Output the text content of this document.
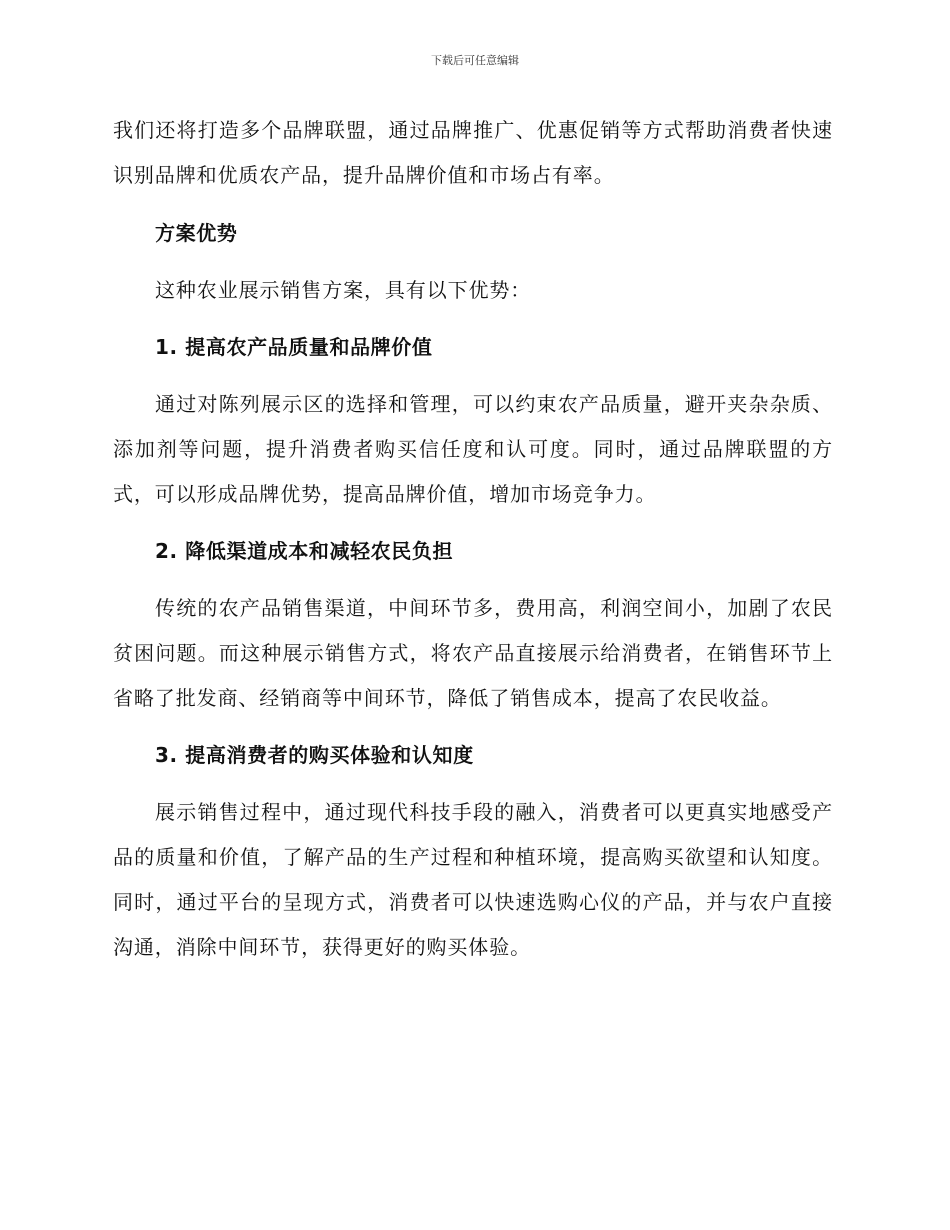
下载后可任意编辑

我们还将打造多个品牌联盟，通过品牌推广、优惠促销等方式帮助消费者快速识别品牌和优质农产品，提升品牌价值和市场占有率。

方案优势

这种农业展示销售方案，具有以下优势：

1. 提高农产品质量和品牌价值

通过对陈列展示区的选择和管理，可以约束农产品质量，避开夹杂杂质、添加剂等问题，提升消费者购买信任度和认可度。同时，通过品牌联盟的方式，可以形成品牌优势，提高品牌价值，增加市场竞争力。

2. 降低渠道成本和减轻农民负担

传统的农产品销售渠道，中间环节多，费用高，利润空间小，加剧了农民贫困问题。而这种展示销售方式，将农产品直接展示给消费者，在销售环节上省略了批发商、经销商等中间环节，降低了销售成本，提高了农民收益。

3. 提高消费者的购买体验和认知度

展示销售过程中，通过现代科技手段的融入，消费者可以更真实地感受产品的质量和价值，了解产品的生产过程和种植环境，提高购买欲望和认知度。同时，通过平台的呈现方式，消费者可以快速选购心仪的产品，并与农户直接沟通，消除中间环节，获得更好的购买体验。
